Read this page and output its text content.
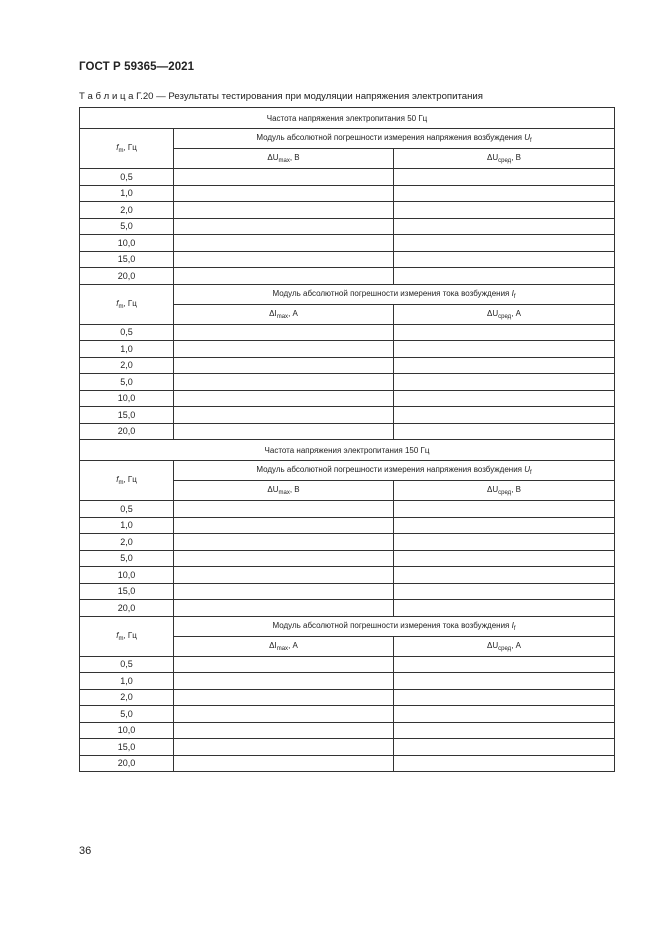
ГОСТ Р 59365—2021
Т а б л и ц а Г.20 — Результаты тестирования при модуляции напряжения электропитания
Частота напряжения электропитания 50 Гц		
$f_m$, Гц	Модуль абсолютной погрешности измерения напряжения возбуждения $U_f$
	$\Delta U_{max}$, В	$\Delta U_{сред}$, В
0,5		
1,0		
2,0		
5,0		
10,0		
15,0		
20,0		
$f_m$, Гц	Модуль абсолютной погрешности измерения тока возбуждения $I_f$
	$\Delta I_{max}$, А	$\Delta U_{сред}$, А
0,5		
1,0		
2,0		
5,0		
10,0		
15,0		
20,0		
Частота напряжения электропитания 150 Гц		
$f_m$, Гц	Модуль абсолютной погрешности измерения напряжения возбуждения $U_f$
	$\Delta U_{max}$, В	$\Delta U_{сред}$, В
0,5		
1,0		
2,0		
5,0		
10,0		
15,0		
20,0		
$f_m$, Гц	Модуль абсолютной погрешности измерения тока возбуждения $I_f$
	$\Delta I_{max}$, А	$\Delta U_{сред}$, А
0,5		
1,0		
2,0		
5,0		
10,0		
15,0		
20,0		
36
